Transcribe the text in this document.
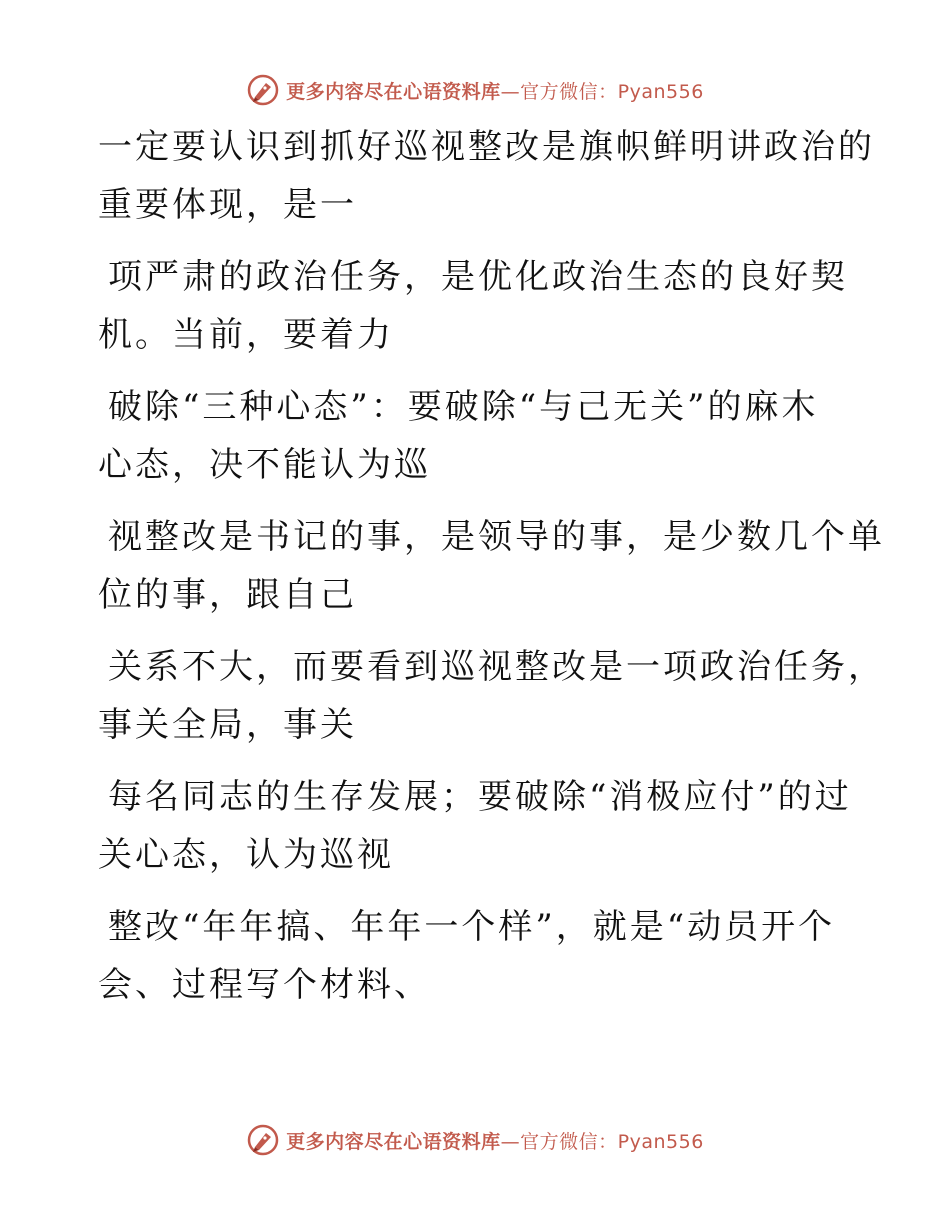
更多内容尽在心语资料库—官方微信：Pyan556
一定要认识到抓好巡视整改是旗帜鲜明讲政治的
重要体现，是一
项严肃的政治任务，是优化政治生态的良好契
机。当前，要着力
破除“三种心态”：要破除“与己无关”的麻木
心态，决不能认为巡
视整改是书记的事，是领导的事，是少数几个单
位的事，跟自己
关系不大，而要看到巡视整改是一项政治任务，
事关全局，事关
每名同志的生存发展；要破除“消极应付”的过
关心态，认为巡视
整改“年年搞、年年一个样”，就是“动员开个
会、过程写个材料、
更多内容尽在心语资料库—官方微信：Pyan556
